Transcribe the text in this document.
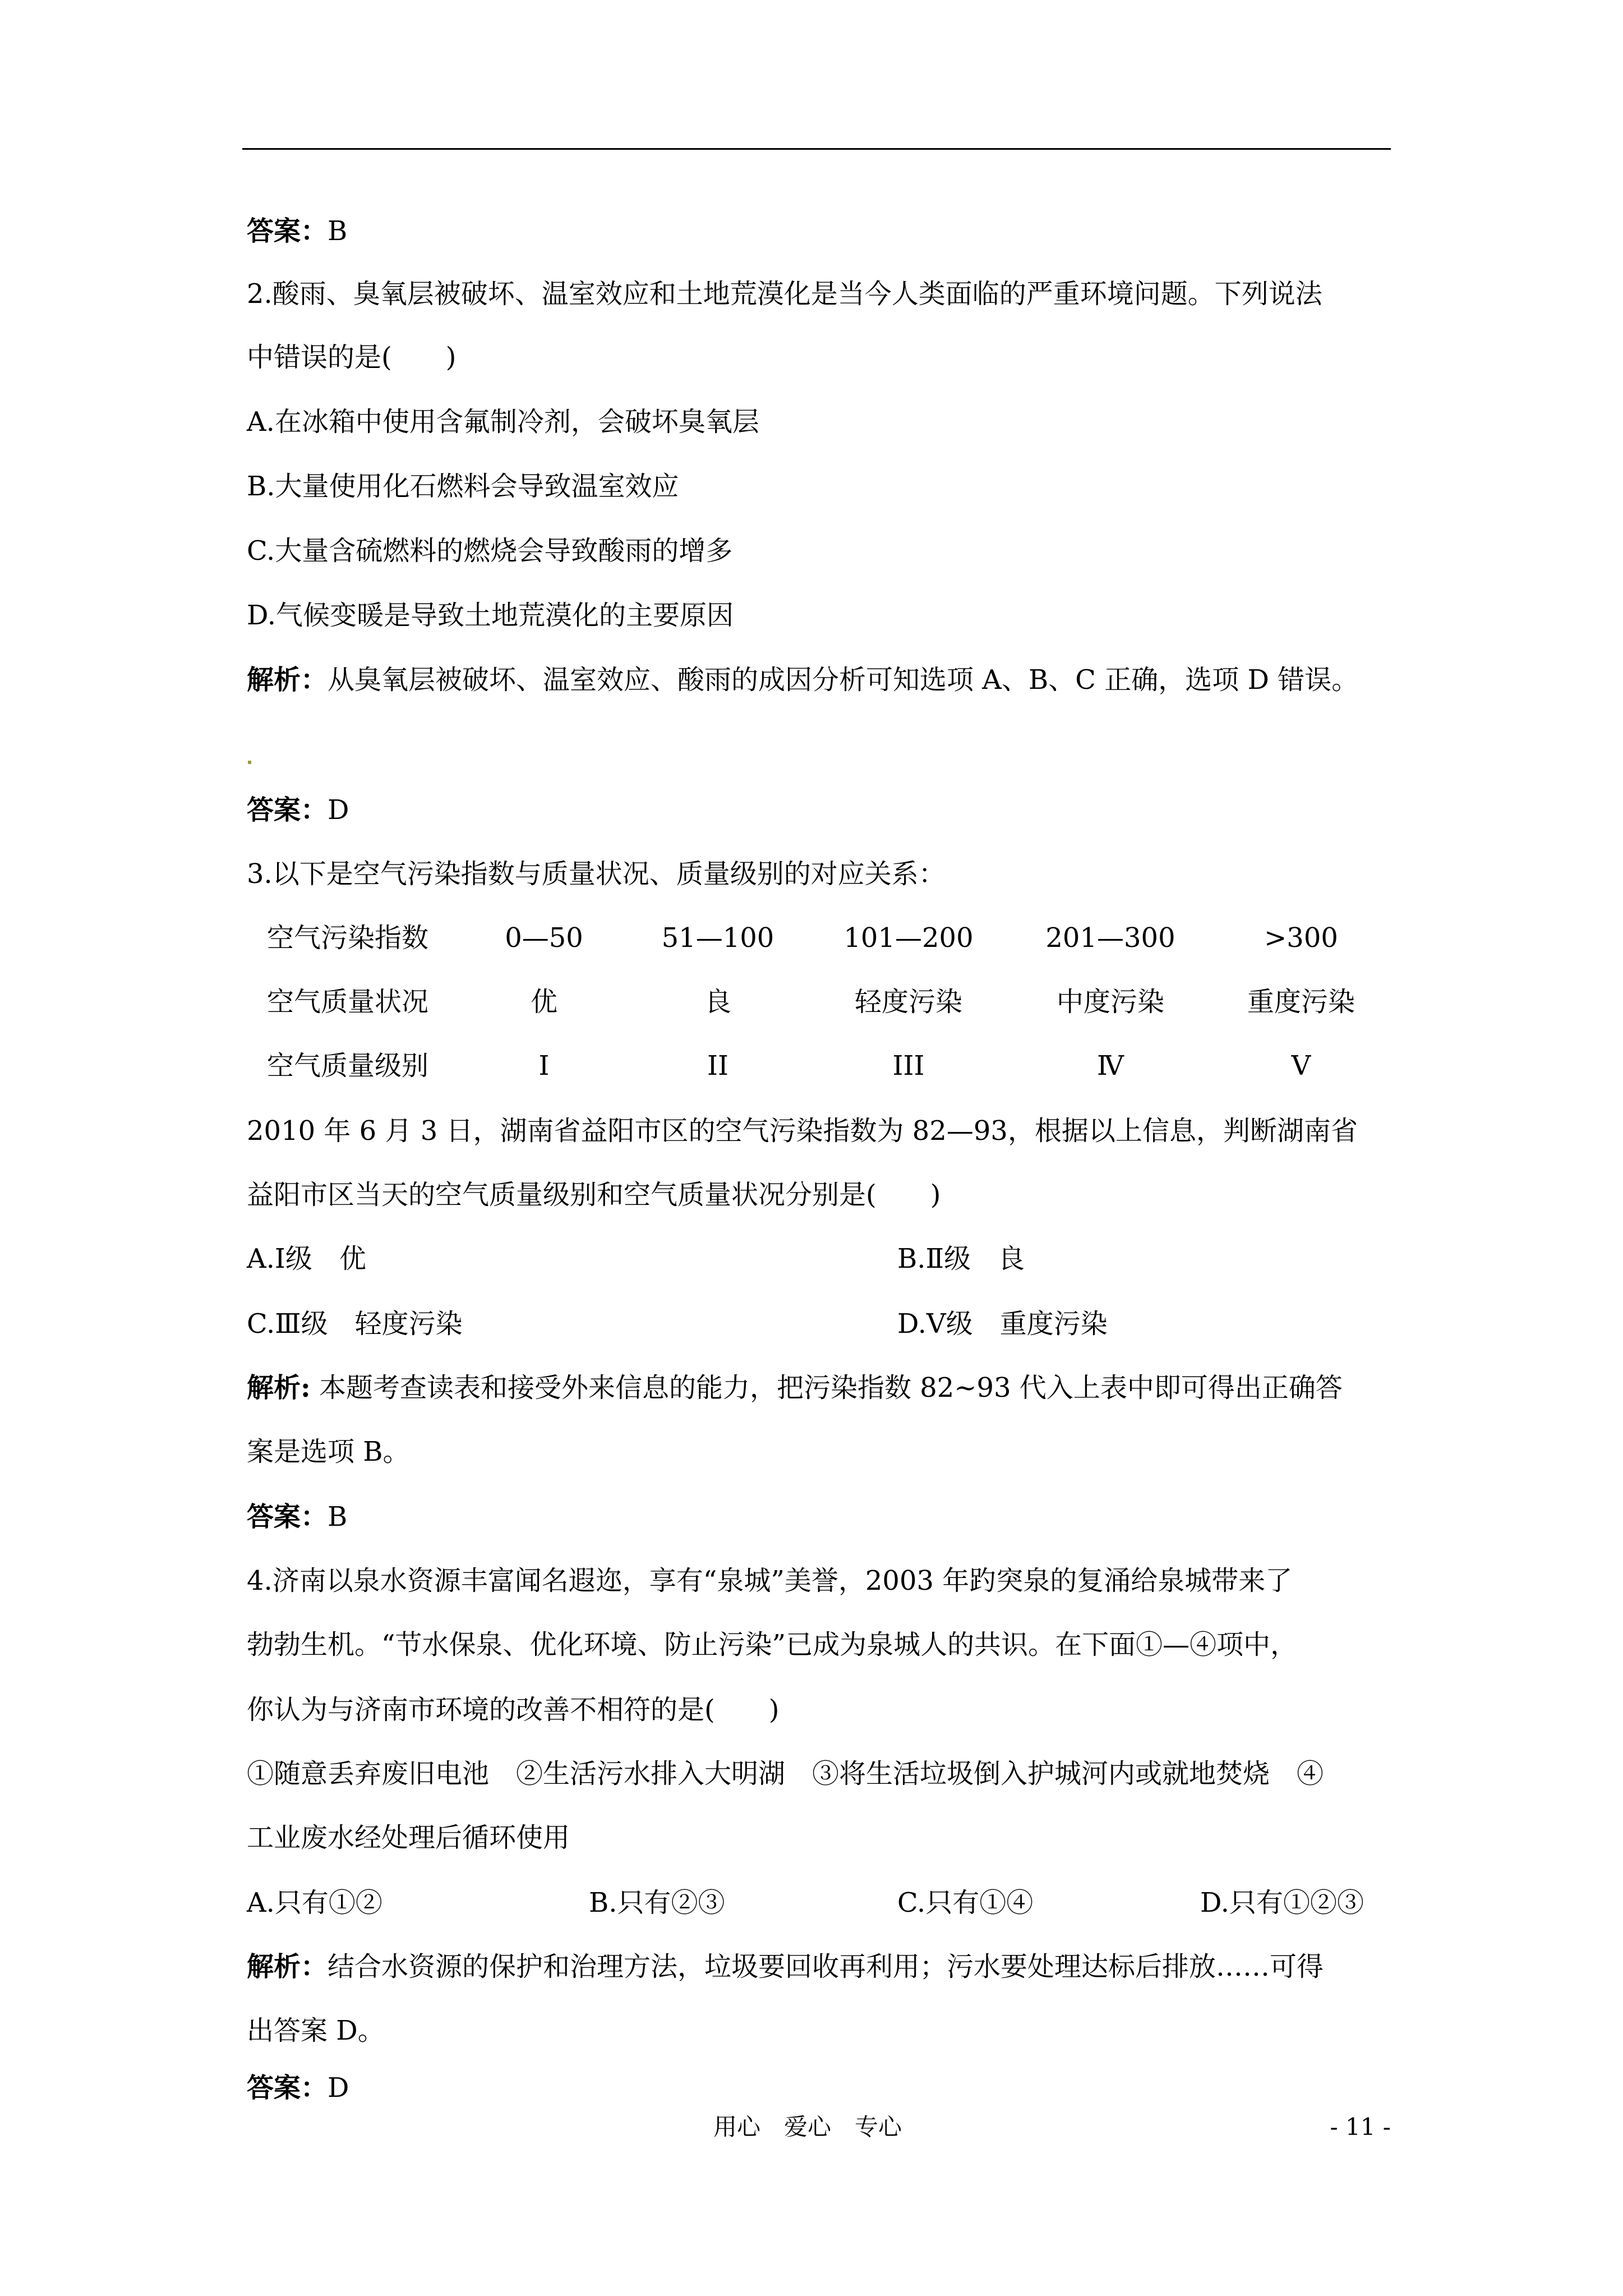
答案：B
2.酸雨、臭氧层被破坏、温室效应和土地荒漠化是当今人类面临的严重环境问题。下列说法
中错误的是(　　)
A.在冰箱中使用含氟制冷剂，会破坏臭氧层
B.大量使用化石燃料会导致温室效应
C.大量含硫燃料的燃烧会导致酸雨的增多
D.气候变暖是导致土地荒漠化的主要原因
解析：从臭氧层被破坏、温室效应、酸雨的成因分析可知选项 A、B、C 正确，选项 D 错误。
答案：D
3.以下是空气污染指数与质量状况、质量级别的对应关系：
空气污染指数	0—50	51—100	101—200	201—300	>300
空气质量状况	优	良	轻度污染	中度污染	重度污染
空气质量级别	I	II	III	Ⅳ	V
2010 年 6 月 3 日，湖南省益阳市区的空气污染指数为 82—93，根据以上信息，判断湖南省
益阳市区当天的空气质量级别和空气质量状况分别是(　　)
A.Ⅰ级　优	B.Ⅱ级　良
C.Ⅲ级　轻度污染	D.Ⅴ级　重度污染
解析: 本题考查读表和接受外来信息的能力，把污染指数 82~93 代入上表中即可得出正确答
案是选项 B。
答案：B
4.济南以泉水资源丰富闻名遐迩，享有“泉城”美誉，2003 年趵突泉的复涌给泉城带来了
勃勃生机。“节水保泉、优化环境、防止污染”已成为泉城人的共识。在下面①—④项中，
你认为与济南市环境的改善不相符的是(　　)
①随意丢弃废旧电池　②生活污水排入大明湖　③将生活垃圾倒入护城河内或就地焚烧　④
工业废水经处理后循环使用
A.只有①②	B.只有②③	C.只有①④	D.只有①②③
解析：结合水资源的保护和治理方法，垃圾要回收再利用；污水要处理达标后排放……可得
出答案 D。
答案：D
用心　爱心　专心	- 11 -
